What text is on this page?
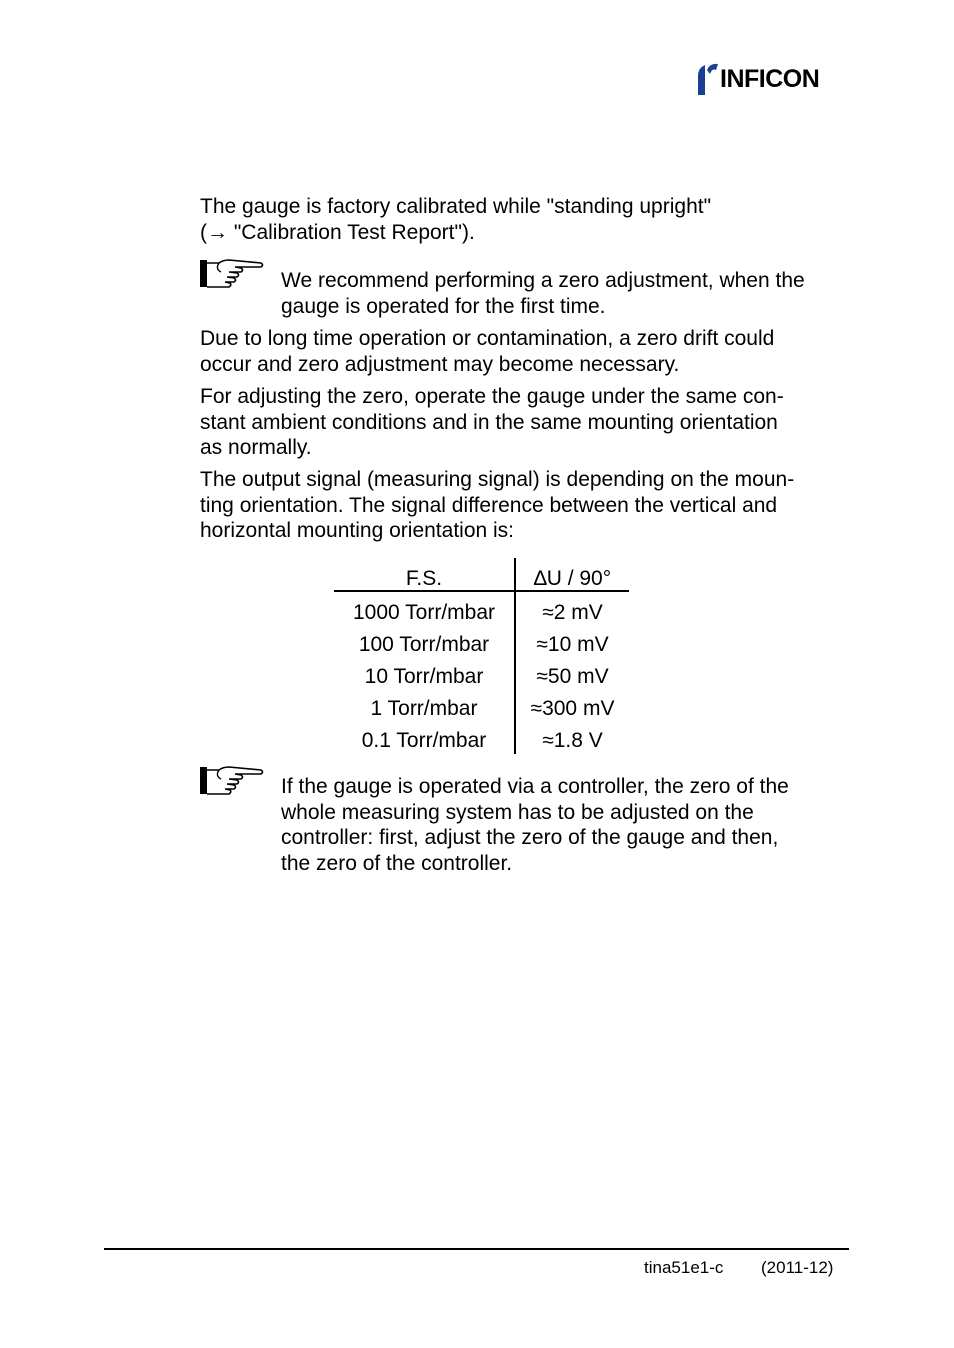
INFICON

The gauge is factory calibrated while "standing upright"
(→ "Calibration Test Report").

We recommend performing a zero adjustment, when the
gauge is operated for the first time.

Due to long time operation or contamination, a zero drift could
occur and zero adjustment may become necessary.

For adjusting the zero, operate the gauge under the same con-
stant ambient conditions and in the same mounting orientation
as normally.

The output signal (measuring signal) is depending on the moun-
ting orientation. The signal difference between the vertical and
horizontal mounting orientation is:

F.S.	∆U / 90°
1000 Torr/mbar	≈2 mV
100 Torr/mbar	≈10 mV
10 Torr/mbar	≈50 mV
1 Torr/mbar	≈300 mV
0.1 Torr/mbar	≈1.8 V

If the gauge is operated via a controller, the zero of the
whole measuring system has to be adjusted on the
controller: first, adjust the zero of the gauge and then,
the zero of the controller.

tina51e1-c (2011-12)
